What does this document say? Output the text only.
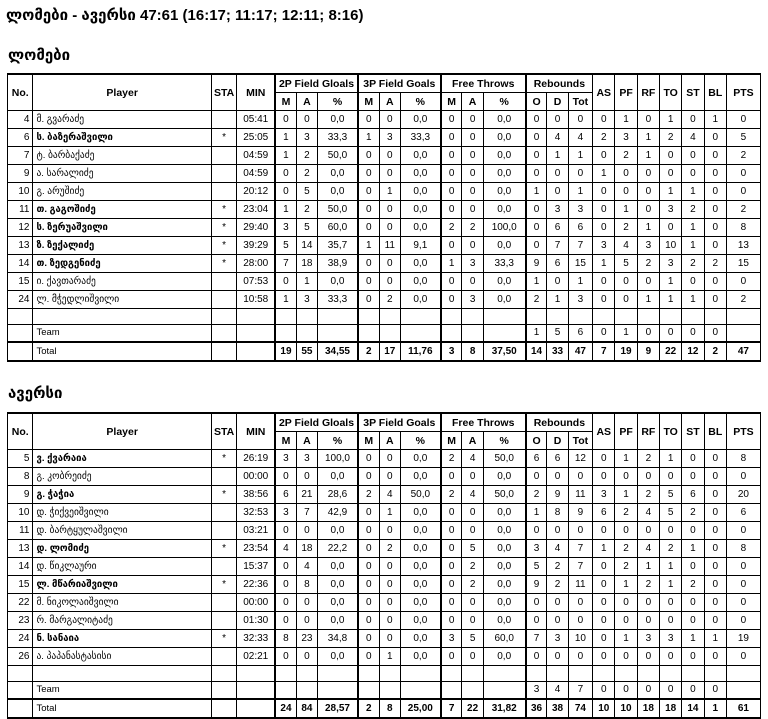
ლომები - ავერსი 47:61 (16:17; 11:17; 12:11; 8:16)
ლომები
No.	Player	STA	MIN	2P Field Gloals			3P Field Goals			Free Throws			Rebounds			AS	PF	RF	TO	ST	BL	PTS
				M	A	%	M	A	%	M	A	%	O	D	Tot							
4	მ. გვარაძე		05:41	0	0	0,0	0	0	0,0	0	0	0,0	0	0	0	0	1	0	1	0	1	0
6	ს. ბაზერაშვილი	*	25:05	1	3	33,3	1	3	33,3	0	0	0,0	0	4	4	2	3	1	2	4	0	5
7	ტ. ბარბაქაძე		04:59	1	2	50,0	0	0	0,0	0	0	0,0	0	1	1	0	2	1	0	0	0	2
9	ა. სარალიძე		04:59	0	2	0,0	0	0	0,0	0	0	0,0	0	0	0	1	0	0	0	0	0	0
10	გ. არუშიძე		20:12	0	5	0,0	0	1	0,0	0	0	0,0	1	0	1	0	0	0	1	1	0	0
11	თ. გაგოშიძე	*	23:04	1	2	50,0	0	0	0,0	0	0	0,0	0	3	3	0	1	0	3	2	0	2
12	ს. ზერუაშვილი	*	29:40	3	5	60,0	0	0	0,0	2	2	100,0	0	6	6	0	2	1	0	1	0	8
13	ზ. ზექალიძე	*	39:29	5	14	35,7	1	11	9,1	0	0	0,0	0	7	7	3	4	3	10	1	0	13
14	თ. ზედგენიძე	*	28:00	7	18	38,9	0	0	0,0	1	3	33,3	9	6	15	1	5	2	3	2	2	15
15	ი. ქავთარაძე		07:53	0	1	0,0	0	0	0,0	0	0	0,0	1	0	1	0	0	0	1	0	0	0
24	ლ. მჭედლიშვილი		10:58	1	3	33,3	0	2	0,0	0	3	0,0	2	1	3	0	0	1	1	1	0	2

	Team												1	5	6	0	1	0	0	0	0	
	Total			19	55	34,55	2	17	11,76	3	8	37,50	14	33	47	7	19	9	22	12	2	47
ავერსი
No.	Player	STA	MIN	2P Field Gloals			3P Field Goals			Free Throws			Rebounds			AS	PF	RF	TO	ST	BL	PTS
				M	A	%	M	A	%	M	A	%	O	D	Tot							
5	ვ. ქვარაია	*	26:19	3	3	100,0	0	0	0,0	2	4	50,0	6	6	12	0	1	2	1	0	0	8
8	გ. კობრეიძე		00:00	0	0	0,0	0	0	0,0	0	0	0,0	0	0	0	0	0	0	0	0	0	0
9	გ. ჭაჭია	*	38:56	6	21	28,6	2	4	50,0	2	4	50,0	2	9	11	3	1	2	5	6	0	20
10	დ. ჭიქვეიშვილი		32:53	3	7	42,9	0	1	0,0	0	0	0,0	1	8	9	6	2	4	5	2	0	6
11	დ. ბარტყულაშვილი		03:21	0	0	0,0	0	0	0,0	0	0	0,0	0	0	0	0	0	0	0	0	0	0
13	დ. ლომიძე	*	23:54	4	18	22,2	0	2	0,0	0	5	0,0	3	4	7	1	2	4	2	1	0	8
14	დ. წიკლაური		15:37	0	4	0,0	0	0	0,0	0	2	0,0	5	2	7	0	2	1	1	0	0	0
15	ლ. მწარიაშვილი	*	22:36	0	8	0,0	0	0	0,0	0	2	0,0	9	2	11	0	1	2	1	2	0	0
22	მ. ნიკოლაიშვილი		00:00	0	0	0,0	0	0	0,0	0	0	0,0	0	0	0	0	0	0	0	0	0	0
23	რ. მარგალიტაძე		01:30	0	0	0,0	0	0	0,0	0	0	0,0	0	0	0	0	0	0	0	0	0	0
24	ნ. სანაია	*	32:33	8	23	34,8	0	0	0,0	3	5	60,0	7	3	10	0	1	3	3	1	1	19
26	ა. პაპანასტასისი		02:21	0	0	0,0	0	1	0,0	0	0	0,0	0	0	0	0	0	0	0	0	0	0

	Team												3	4	7	0	0	0	0	0	0	
	Total			24	84	28,57	2	8	25,00	7	22	31,82	36	38	74	10	10	18	18	14	1	61
